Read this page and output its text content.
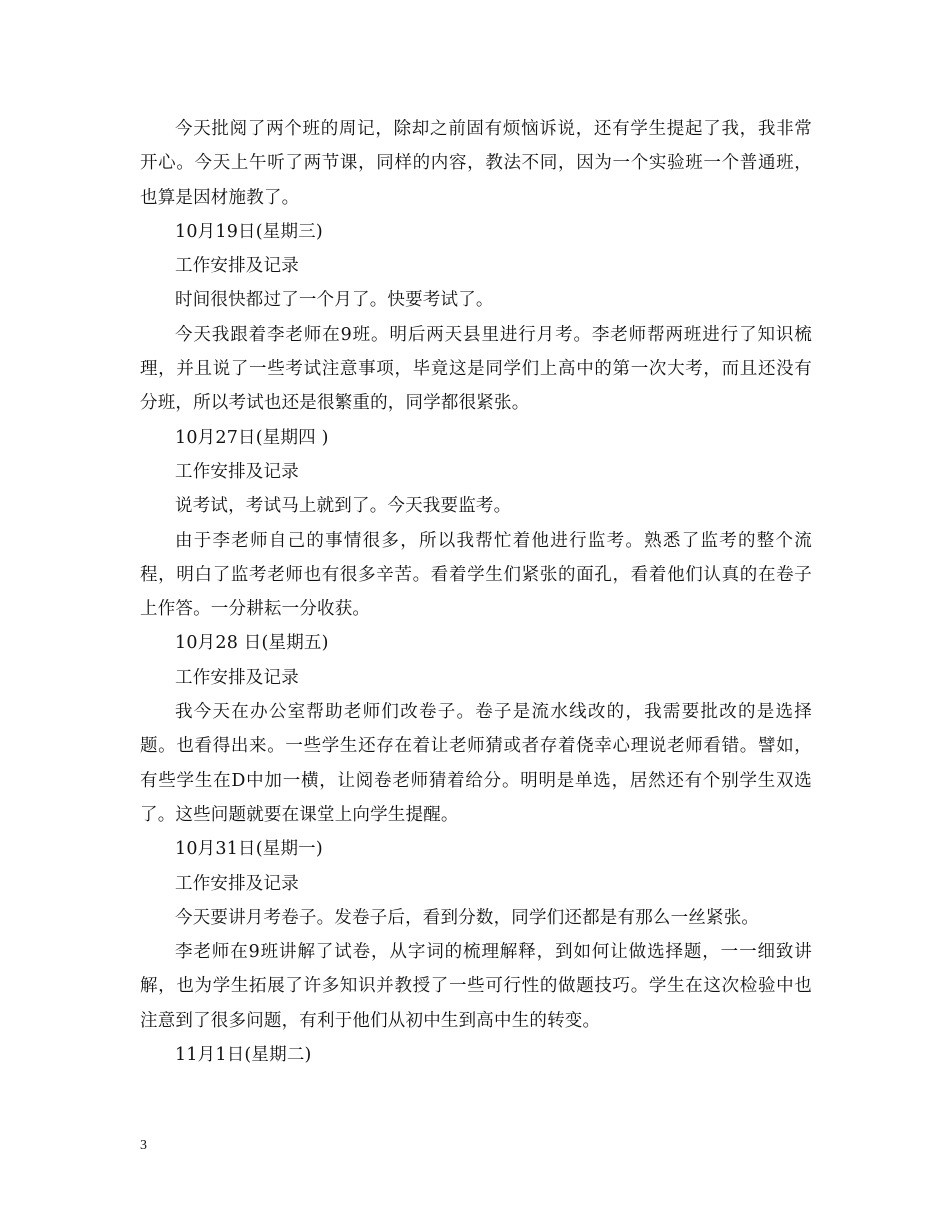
今天批阅了两个班的周记，除却之前固有烦恼诉说，还有学生提起了我，我非常开心。今天上午听了两节课，同样的内容，教法不同，因为一个实验班一个普通班，也算是因材施教了。

10月19日(星期三)

工作安排及记录

时间很快都过了一个月了。快要考试了。

今天我跟着李老师在9班。明后两天县里进行月考。李老师帮两班进行了知识梳理，并且说了一些考试注意事项，毕竟这是同学们上高中的第一次大考，而且还没有分班，所以考试也还是很繁重的，同学都很紧张。

10月27日(星期四 )

工作安排及记录

说考试，考试马上就到了。今天我要监考。

由于李老师自己的事情很多，所以我帮忙着他进行监考。熟悉了监考的整个流程，明白了监考老师也有很多辛苦。看着学生们紧张的面孔，看着他们认真的在卷子上作答。一分耕耘一分收获。

10月28 日(星期五)

工作安排及记录

我今天在办公室帮助老师们改卷子。卷子是流水线改的，我需要批改的是选择题。也看得出来。一些学生还存在着让老师猜或者存着侥幸心理说老师看错。譬如，有些学生在D中加一横，让阅卷老师猜着给分。明明是单选，居然还有个别学生双选了。这些问题就要在课堂上向学生提醒。

10月31日(星期一)

工作安排及记录

今天要讲月考卷子。发卷子后，看到分数，同学们还都是有那么一丝紧张。

李老师在9班讲解了试卷，从字词的梳理解释，到如何让做选择题，一一细致讲解，也为学生拓展了许多知识并教授了一些可行性的做题技巧。学生在这次检验中也注意到了很多问题，有利于他们从初中生到高中生的转变。

11月1日(星期二)

3
